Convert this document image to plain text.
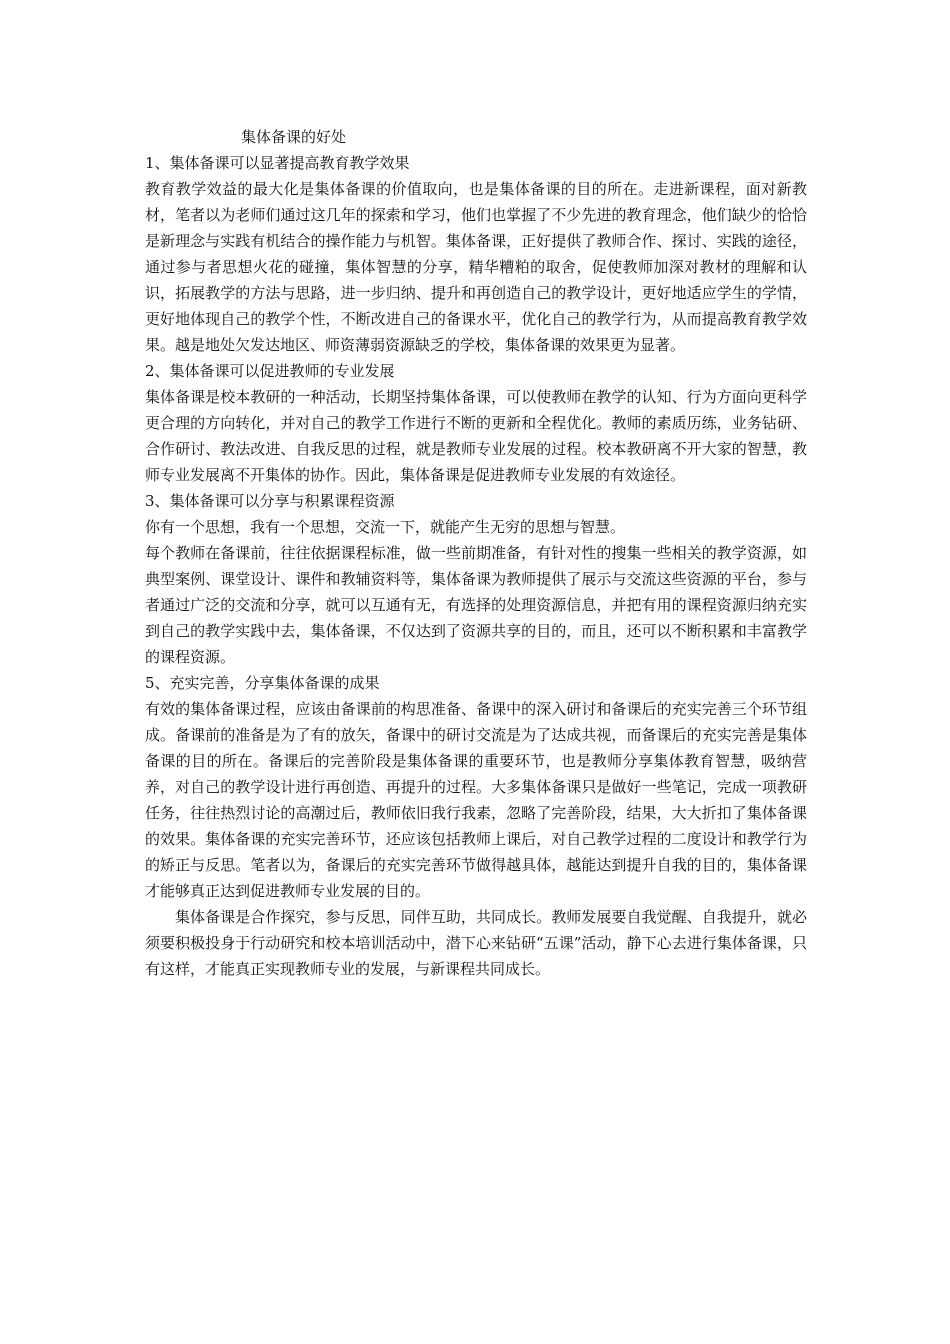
集体备课的好处
1、集体备课可以显著提高教育教学效果

教育教学效益的最大化是集体备课的价值取向，也是集体备课的目的所在。走进新课程，面对新教材，笔者以为老师们通过这几年的探索和学习，他们也掌握了不少先进的教育理念，他们缺少的恰恰是新理念与实践有机结合的操作能力与机智。集体备课，正好提供了教师合作、探讨、实践的途径，通过参与者思想火花的碰撞，集体智慧的分享，精华糟粕的取舍，促使教师加深对教材的理解和认识，拓展教学的方法与思路，进一步归纳、提升和再创造自己的教学设计，更好地适应学生的学情，更好地体现自己的教学个性，不断改进自己的备课水平，优化自己的教学行为，从而提高教育教学效果。越是地处欠发达地区、师资薄弱资源缺乏的学校，集体备课的效果更为显著。

2、集体备课可以促进教师的专业发展

集体备课是校本教研的一种活动，长期坚持集体备课，可以使教师在教学的认知、行为方面向更科学更合理的方向转化，并对自己的教学工作进行不断的更新和全程优化。教师的素质历练，业务钻研、合作研讨、教法改进、自我反思的过程，就是教师专业发展的过程。校本教研离不开大家的智慧，教师专业发展离不开集体的协作。因此，集体备课是促进教师专业发展的有效途径。

3、集体备课可以分享与积累课程资源

你有一个思想，我有一个思想，交流一下，就能产生无穷的思想与智慧。

每个教师在备课前，往往依据课程标准，做一些前期准备，有针对性的搜集一些相关的教学资源，如典型案例、课堂设计、课件和教辅资料等，集体备课为教师提供了展示与交流这些资源的平台，参与者通过广泛的交流和分享，就可以互通有无，有选择的处理资源信息，并把有用的课程资源归纳充实到自己的教学实践中去，集体备课，不仅达到了资源共享的目的，而且，还可以不断积累和丰富教学的课程资源。

5、充实完善，分享集体备课的成果

有效的集体备课过程，应该由备课前的构思准备、备课中的深入研讨和备课后的充实完善三个环节组成。备课前的准备是为了有的放矢，备课中的研讨交流是为了达成共视，而备课后的充实完善是集体备课的目的所在。备课后的完善阶段是集体备课的重要环节，也是教师分享集体教育智慧，吸纳营养，对自己的教学设计进行再创造、再提升的过程。大多集体备课只是做好一些笔记，完成一项教研任务，往往热烈讨论的高潮过后，教师依旧我行我素，忽略了完善阶段，结果，大大折扣了集体备课的效果。集体备课的充实完善环节，还应该包括教师上课后，对自己教学过程的二度设计和教学行为的矫正与反思。笔者以为，备课后的充实完善环节做得越具体，越能达到提升自我的目的，集体备课才能够真正达到促进教师专业发展的目的。

集体备课是合作探究，参与反思，同伴互助，共同成长。教师发展要自我觉醒、自我提升，就必须要积极投身于行动研究和校本培训活动中，潜下心来钻研“五课”活动，静下心去进行集体备课，只有这样，才能真正实现教师专业的发展，与新课程共同成长。
